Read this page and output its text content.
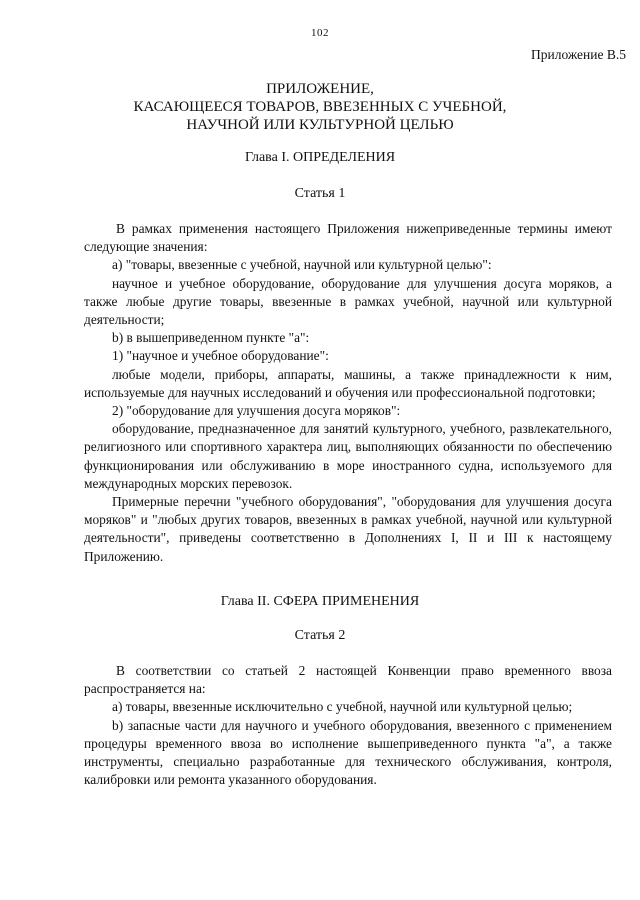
102
Приложение B.5
ПРИЛОЖЕНИЕ,
КАСАЮЩЕЕСЯ ТОВАРОВ, ВВЕЗЕННЫХ С УЧЕБНОЙ,
НАУЧНОЙ ИЛИ КУЛЬТУРНОЙ ЦЕЛЬЮ
Глава I. ОПРЕДЕЛЕНИЯ
Статья 1

В рамках применения настоящего Приложения нижеприведенные термины имеют следующие значения:

a) "товары, ввезенные с учебной, научной или культурной целью":

научное и учебное оборудование, оборудование для улучшения досуга моряков, а также любые другие товары, ввезенные в рамках учебной, научной или культурной деятельности;

b) в вышеприведенном пункте "a":

1) "научное и учебное оборудование":

любые модели, приборы, аппараты, машины, а также принадлежности к ним, используемые для научных исследований и обучения или профессиональной подготовки;

2) "оборудование для улучшения досуга моряков":

оборудование, предназначенное для занятий культурного, учебного, развлекательного, религиозного или спортивного характера лиц, выполняющих обязанности по обеспечению функционирования или обслуживанию в море иностранного судна, используемого для международных морских перевозок.

Примерные перечни "учебного оборудования", "оборудования для улучшения досуга моряков" и "любых других товаров, ввезенных в рамках учебной, научной или культурной деятельности", приведены соответственно в Дополнениях I, II и III к настоящему Приложению.

Глава II. СФЕРА ПРИМЕНЕНИЯ
Статья 2

В соответствии со статьей 2 настоящей Конвенции право временного ввоза распространяется на:

a) товары, ввезенные исключительно с учебной, научной или культурной целью;

b) запасные части для научного и учебного оборудования, ввезенного с применением процедуры временного ввоза во исполнение вышеприведенного пункта "a", а также инструменты, специально разработанные для технического обслуживания, контроля, калибровки или ремонта указанного оборудования.
